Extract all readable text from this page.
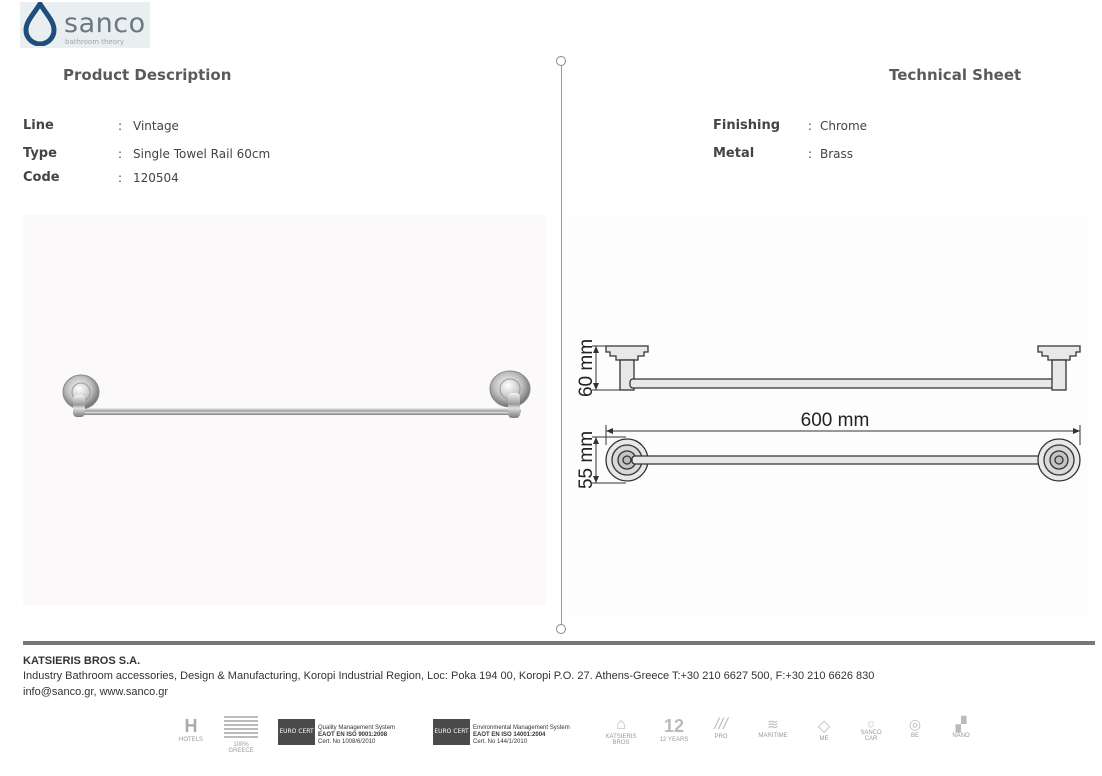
sanco
bathroom theory
Product Description	Technical Sheet
Line	: Vintage
Type	: Single Towel Rail 60cm
Code	: 120504
Finishing : Chrome
Metal	: Brass
60 mm
600 mm
55 mm
KATSIERIS BROS S.A.
Industry Bathroom accessories, Design & Manufacturing, Koropi Industrial Region, Loc: Poka 194 00, Koropi P.O. 27. Athens-Greece T:+30 210 6627 500, F:+30 210 6626 830
info@sanco.gr, www.sanco.gr
H
HOTELS
100% GREECE
EURO CERT Quality Management System
EAOT EN ISO 9001:2008
Cert. No 1008/6/2010
EURO CERT Environmental Management System
EAOT EN ISO 14001:2004
Cert. No 144/1/2010
⌂
KATSIERIS BROS
12
12 YEARS
///
PRO
≋
MARITIME
◇
ME
☼
SANCO CAR
◎
BE
▞
NANO
